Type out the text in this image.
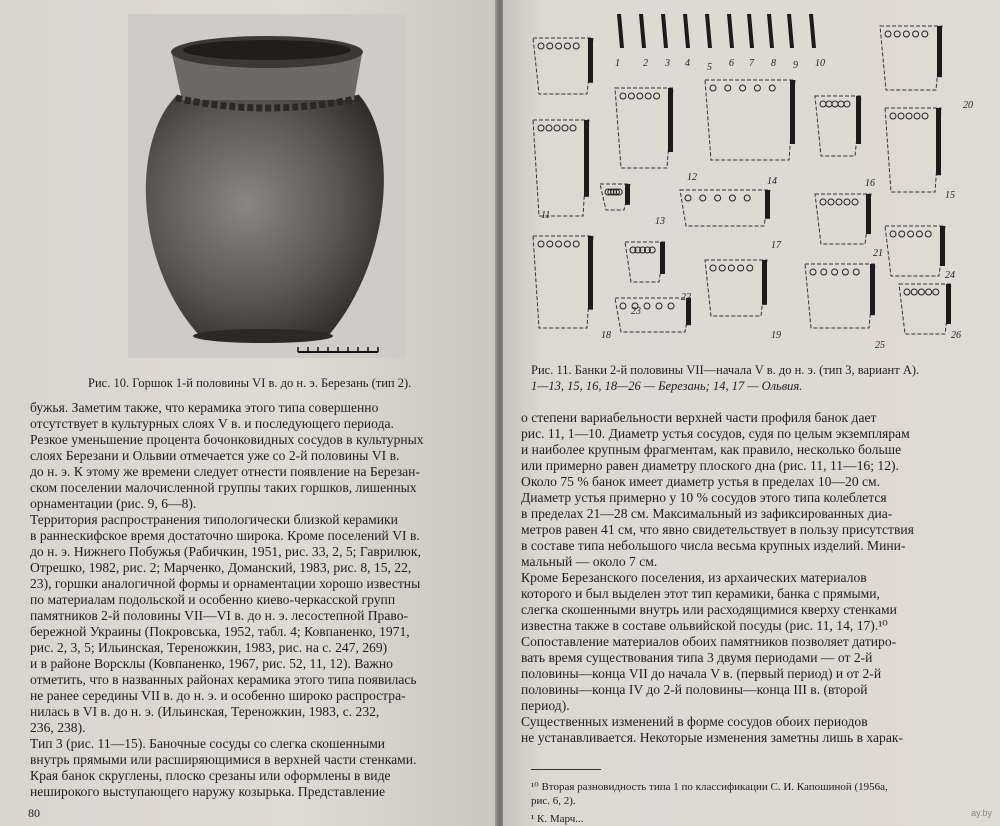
Рис. 10. Горшок 1-й половины VI в. до н. э. Березань (тип 2).
бужья. Заметим также, что керамика этого типа совершенно
отсутствует в культурных слоях V в. и последующего периода.
Резкое уменьшение процента бочонковидных сосудов в культурных
слоях Березани и Ольвии отмечается уже со 2-й половины VI в.
до н. э. К этому же времени следует отнести появление на Березан-
ском поселении малочисленной группы таких горшков, лишенных
орнаментации (рис. 9, 6—8).
Территория распространения типологически близкой керамики
в раннескифское время достаточно широка. Кроме поселений VI в.
до н. э. Нижнего Побужья (Рабичкин, 1951, рис. 33, 2, 5; Гаврилюк,
Отрешко, 1982, рис. 2; Марченко, Доманский, 1983, рис. 8, 15, 22,
23), горшки аналогичной формы и орнаментации хорошо известны
по материалам подольской и особенно киево-черкасской групп
памятников 2-й половины VII—VI в. до н. э. лесостепной Право-
бережной Украины (Покровська, 1952, табл. 4; Ковпаненко, 1971,
рис. 2, 3, 5; Ильинская, Тереножкин, 1983, рис. на с. 247, 269)
и в районе Ворсклы (Ковпаненко, 1967, рис. 52, 11, 12). Важно
отметить, что в названных районах керамика этого типа появилась
не ранее середины VII в. до н. э. и особенно широко распростра-
нилась в VI в. до н. э. (Ильинская, Тереножкин, 1983, с. 232,
236, 238).
Тип 3 (рис. 11—15). Баночные сосуды со слегка скошенными
внутрь прямыми или расширяющимися в верхней части стенками.
Края банок скруглены, плоско срезаны или оформлены в виде
неширокого выступающего наружу козырька. Представление
80
1 2 3 4 5 6 7 8 9 10
11
12
13
14
15
16
17
18	19
20
21
22
23
24
25
26
Рис. 11. Банки 2-й половины VII—начала V в. до н. э. (тип 3, вариант А).
1—13, 15, 16, 18—26 — Березань; 14, 17 — Ольвия.
о степени вариабельности верхней части профиля банок дает
рис. 11, 1—10. Диаметр устья сосудов, судя по целым экземплярам
и наиболее крупным фрагментам, как правило, несколько больше
или примерно равен диаметру плоского дна (рис. 11, 11—16; 12).
Около 75 % банок имеет диаметр устья в пределах 10—20 см.
Диаметр устья примерно у 10 % сосудов этого типа колеблется
в пределах 21—28 см. Максимальный из зафиксированных диа-
метров равен 41 см, что явно свидетельствует в пользу присутствия
в составе типа небольшого числа весьма крупных изделий. Мини-
мальный — около 7 см.
Кроме Березанского поселения, из архаических материалов
которого и был выделен этот тип керамики, банка с прямыми,
слегка скошенными внутрь или расходящимися кверху стенками
известна также в составе ольвийской посуды (рис. 11, 14, 17).¹⁰
Сопоставление материалов обоих памятников позволяет датиро-
вать время существования типа 3 двумя периодами — от 2-й
половины—конца VII до начала V в. (первый период) и от 2-й
половины—конца IV до 2-й половины—конца III в. (второй
период).
Существенных изменений в форме сосудов обоих периодов
не устанавливается. Некоторые изменения заметны лишь в харак-
¹⁰ Вторая разновидность типа 1 по классификации С. И. Капошиной (1956а,
рис. 6, 2).
¹ К. Марч...	ay.by
